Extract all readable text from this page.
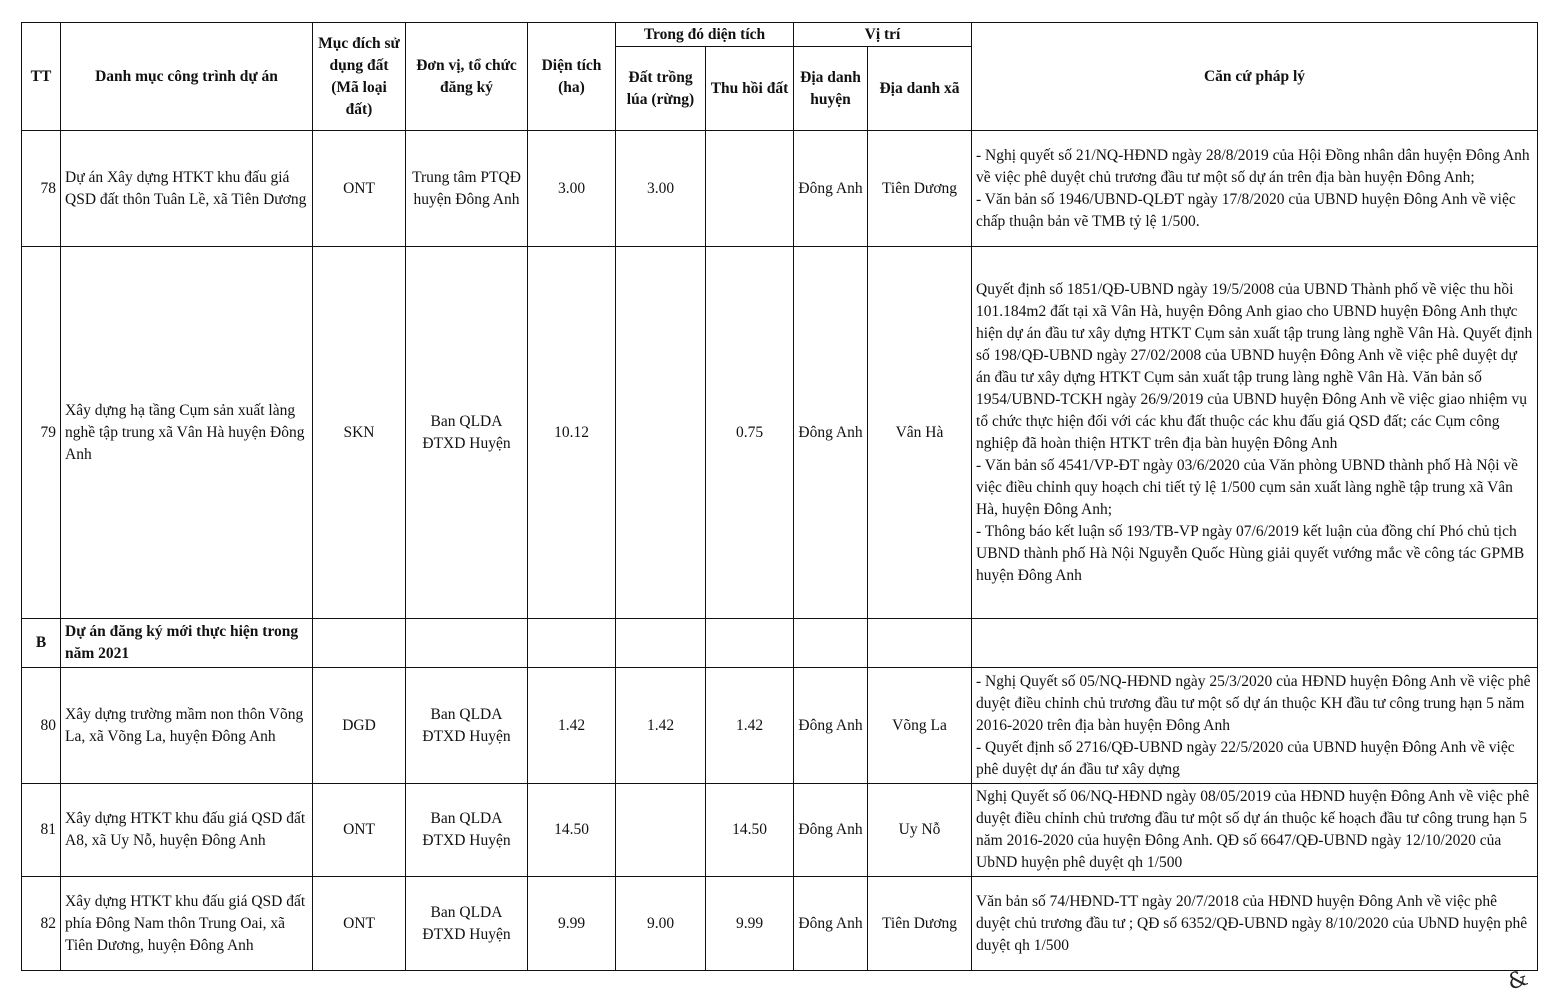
TT	Danh mục công trình dự án	Mục đích sử dụng đất (Mã loại đất)	Đơn vị, tổ chức đăng ký	Diện tích (ha)	Trong đó diện tích		Vị trí		Căn cứ pháp lý
					Đất trồng lúa (rừng)	Thu hồi đất	Địa danh huyện	Địa danh xã	
78	Dự án Xây dựng HTKT khu đấu giá QSD đất thôn Tuân Lề, xã Tiên Dương	ONT	Trung tâm PTQĐ huyện Đông Anh	3.00	3.00		Đông Anh	Tiên Dương	- Nghị quyết số 21/NQ-HĐND ngày 28/8/2019 của Hội Đồng nhân dân huyện Đông Anh về việc phê duyệt chủ trương đầu tư một số dự án trên địa bàn huyện Đông Anh;
- Văn bản số 1946/UBND-QLĐT ngày 17/8/2020 của UBND huyện Đông Anh về việc chấp thuận bản vẽ TMB tỷ lệ 1/500.
79	Xây dựng hạ tầng Cụm sản xuất làng nghề tập trung xã Vân Hà huyện Đông Anh	SKN	Ban QLDA ĐTXD Huyện	10.12		0.75	Đông Anh	Vân Hà	Quyết định số 1851/QĐ-UBND ngày 19/5/2008 của UBND Thành phố về việc thu hồi 101.184m2 đất tại xã Vân Hà, huyện Đông Anh giao cho UBND huyện Đông Anh thực hiện dự án đầu tư xây dựng HTKT Cụm sản xuất tập trung làng nghề Vân Hà. Quyết định số 198/QĐ-UBND ngày 27/02/2008 của UBND huyện Đông Anh về việc phê duyệt dự án đầu tư xây dựng HTKT Cụm sản xuất tập trung làng nghề Vân Hà. Văn bản số 1954/UBND-TCKH ngày 26/9/2019 của UBND huyện Đông Anh về việc giao nhiệm vụ tổ chức thực hiện đối với các khu đất thuộc các khu đấu giá QSD đất; các Cụm công nghiệp đã hoàn thiện HTKT trên địa bàn huyện Đông Anh
- Văn bản số 4541/VP-ĐT ngày 03/6/2020 của Văn phòng UBND thành phố Hà Nội về việc điều chỉnh quy hoạch chi tiết tỷ lệ 1/500 cụm sản xuất làng nghề tập trung xã Vân Hà, huyện Đông Anh;
- Thông báo kết luận số 193/TB-VP ngày 07/6/2019 kết luận của đồng chí Phó chủ tịch UBND thành phố Hà Nội Nguyễn Quốc Hùng giải quyết vướng mắc về công tác GPMB huyện Đông Anh
B	Dự án đăng ký mới thực hiện trong năm 2021								
80	Xây dựng trường mầm non thôn Võng La, xã Võng La, huyện Đông Anh	DGD	Ban QLDA ĐTXD Huyện	1.42	1.42	1.42	Đông Anh	Võng La	- Nghị Quyết số 05/NQ-HĐND ngày 25/3/2020 của HĐND huyện Đông Anh về việc phê duyệt điều chỉnh chủ trương đầu tư một số dự án thuộc KH đầu tư công trung hạn 5 năm 2016-2020 trên địa bàn huyện Đông Anh
- Quyết định số 2716/QĐ-UBND ngày 22/5/2020 của UBND huyện Đông Anh về việc phê duyệt dự án đầu tư xây dựng
81	Xây dựng HTKT khu đấu giá QSD đất A8, xã Uy Nỗ, huyện Đông Anh	ONT	Ban QLDA ĐTXD Huyện	14.50		14.50	Đông Anh	Uy Nỗ	Nghị Quyết số 06/NQ-HĐND ngày 08/05/2019 của HĐND huyện Đông Anh về việc phê duyệt điều chỉnh chủ trương đầu tư một số dự án thuộc kế hoạch đầu tư công trung hạn 5 năm 2016-2020 của huyện Đông Anh. QĐ số 6647/QĐ-UBND ngày 12/10/2020 của UbND huyện phê duyệt qh 1/500
82	Xây dựng HTKT khu đấu giá QSD đất phía Đông Nam thôn Trung Oai, xã Tiên Dương, huyện Đông Anh	ONT	Ban QLDA ĐTXD Huyện	9.99	9.00	9.99	Đông Anh	Tiên Dương	Văn bản số 74/HĐND-TT ngày 20/7/2018 của HĐND huyện Đông Anh về việc phê duyệt chủ trương đầu tư ; QĐ số 6352/QĐ-UBND ngày 8/10/2020 của UbND huyện phê duyệt qh 1/500
&
